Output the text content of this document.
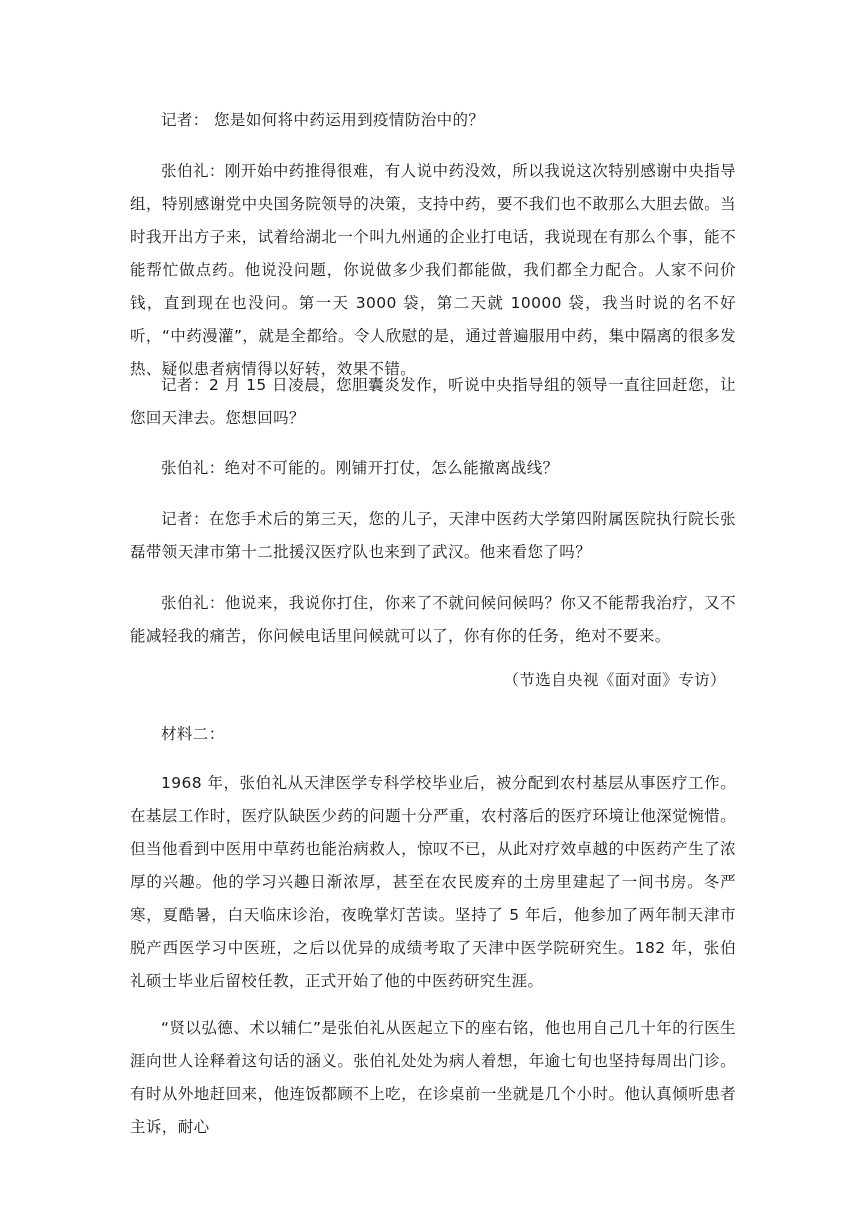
记者： 您是如何将中药运用到疫情防治中的？

张伯礼：刚开始中药推得很难，有人说中药没效，所以我说这次特别感谢中央指导组，特别感谢党中央国务院领导的决策，支持中药，要不我们也不敢那么大胆去做。当时我开出方子来，试着给湖北一个叫九州通的企业打电话，我说现在有那么个事，能不能帮忙做点药。他说没问题，你说做多少我们都能做，我们都全力配合。人家不问价钱，直到现在也没问。第一天 3000 袋，第二天就 10000 袋，我当时说的名不好听，“中药漫灌”，就是全都给。令人欣慰的是，通过普遍服用中药，集中隔离的很多发热、疑似患者病情得以好转，效果不错。

记者：2 月 15 日凌晨，您胆囊炎发作，听说中央指导组的领导一直往回赶您，让您回天津去。您想回吗？

张伯礼：绝对不可能的。刚铺开打仗，怎么能撤离战线？

记者：在您手术后的第三天，您的儿子，天津中医药大学第四附属医院执行院长张磊带领天津市第十二批援汉医疗队也来到了武汉。他来看您了吗？

张伯礼：他说来，我说你打住，你来了不就问候问候吗？你又不能帮我治疗，又不能减轻我的痛苦，你问候电话里问候就可以了，你有你的任务，绝对不要来。

（节选自央视《面对面》专访）

材料二：

1968 年，张伯礼从天津医学专科学校毕业后，被分配到农村基层从事医疗工作。在基层工作时，医疗队缺医少药的问题十分严重，农村落后的医疗环境让他深觉惋惜。但当他看到中医用中草药也能治病救人，惊叹不已，从此对疗效卓越的中医药产生了浓厚的兴趣。他的学习兴趣日渐浓厚，甚至在农民废弃的土房里建起了一间书房。冬严寒，夏酷暑，白天临床诊治，夜晚掌灯苦读。坚持了 5 年后，他参加了两年制天津市脱产西医学习中医班，之后以优异的成绩考取了天津中医学院研究生。182 年，张伯礼硕士毕业后留校任教，正式开始了他的中医药研究生涯。

“贤以弘德、术以辅仁”是张伯礼从医起立下的座右铭，他也用自己几十年的行医生涯向世人诠释着这句话的涵义。张伯礼处处为病人着想，年逾七旬也坚持每周出门诊。有时从外地赶回来，他连饭都顾不上吃，在诊桌前一坐就是几个小时。他认真倾听患者主诉，耐心
